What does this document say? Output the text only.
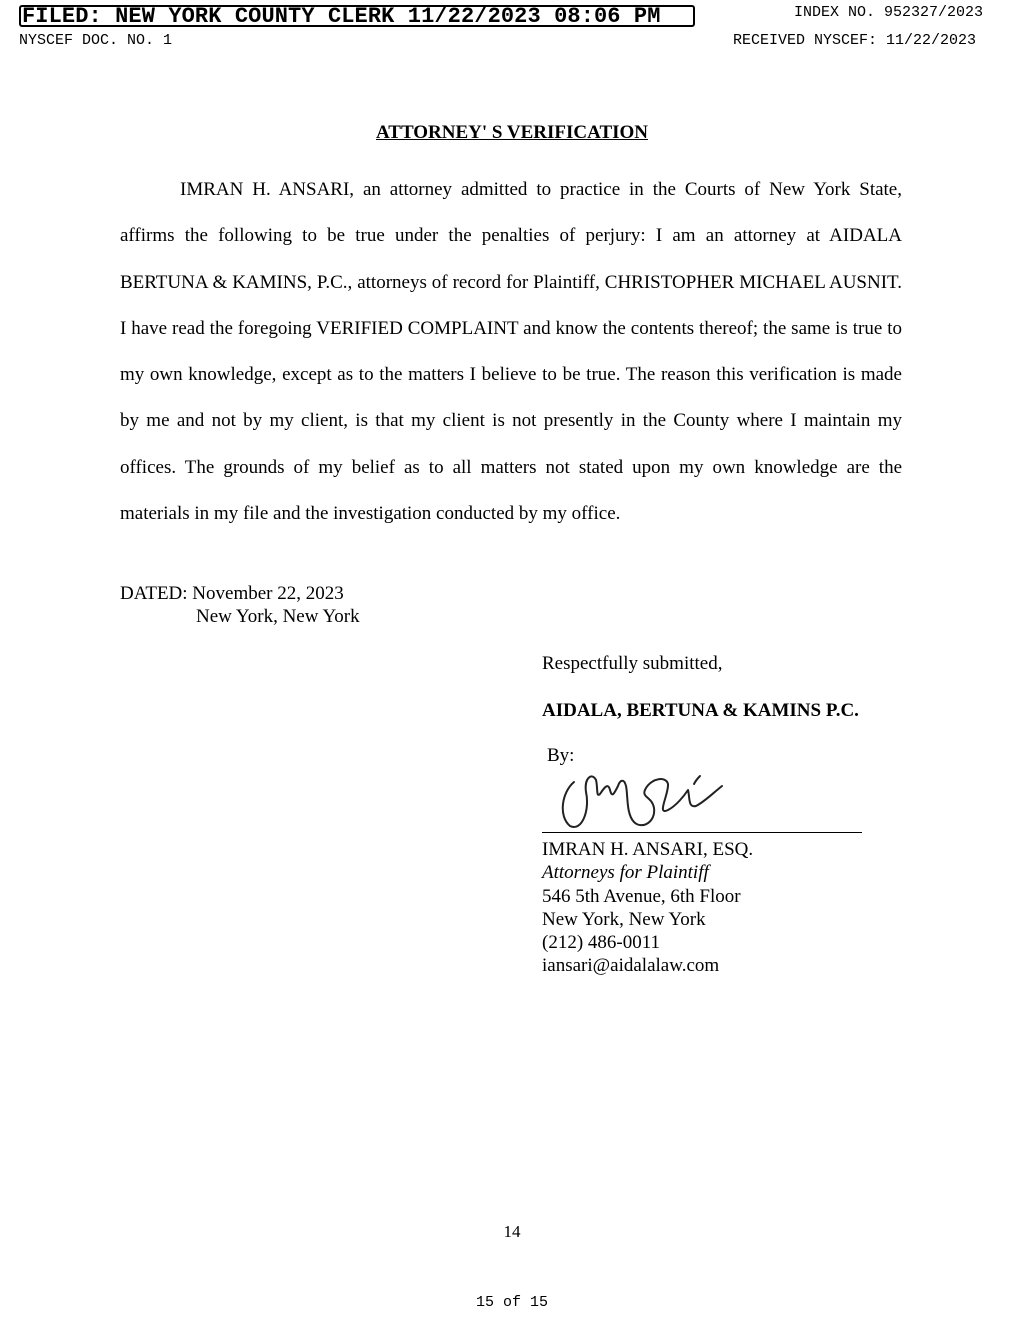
FILED: NEW YORK COUNTY CLERK 11/22/2023 08:06 PM	INDEX NO. 952327/2023
NYSCEF DOC. NO. 1	RECEIVED NYSCEF: 11/22/2023
ATTORNEY' S VERIFICATION

IMRAN H. ANSARI, an attorney admitted to practice in the Courts of New York State, affirms the following to be true under the penalties of perjury: I am an attorney at AIDALA BERTUNA & KAMINS, P.C., attorneys of record for Plaintiff, CHRISTOPHER MICHAEL AUSNIT. I have read the foregoing VERIFIED COMPLAINT and know the contents thereof; the same is true to my own knowledge, except as to the matters I believe to be true. The reason this verification is made by me and not by my client, is that my client is not presently in the County where I maintain my offices. The grounds of my belief as to all matters not stated upon my own knowledge are the materials in my file and the investigation conducted by my office.

DATED: November 22, 2023
New York, New York
Respectfully submitted,
AIDALA, BERTUNA & KAMINS P.C.
By:
IMRAN H. ANSARI, ESQ.
Attorneys for Plaintiff
546 5th Avenue, 6th Floor
New York, New York
(212) 486-0011
iansari@aidalalaw.com
14
15 of 15
